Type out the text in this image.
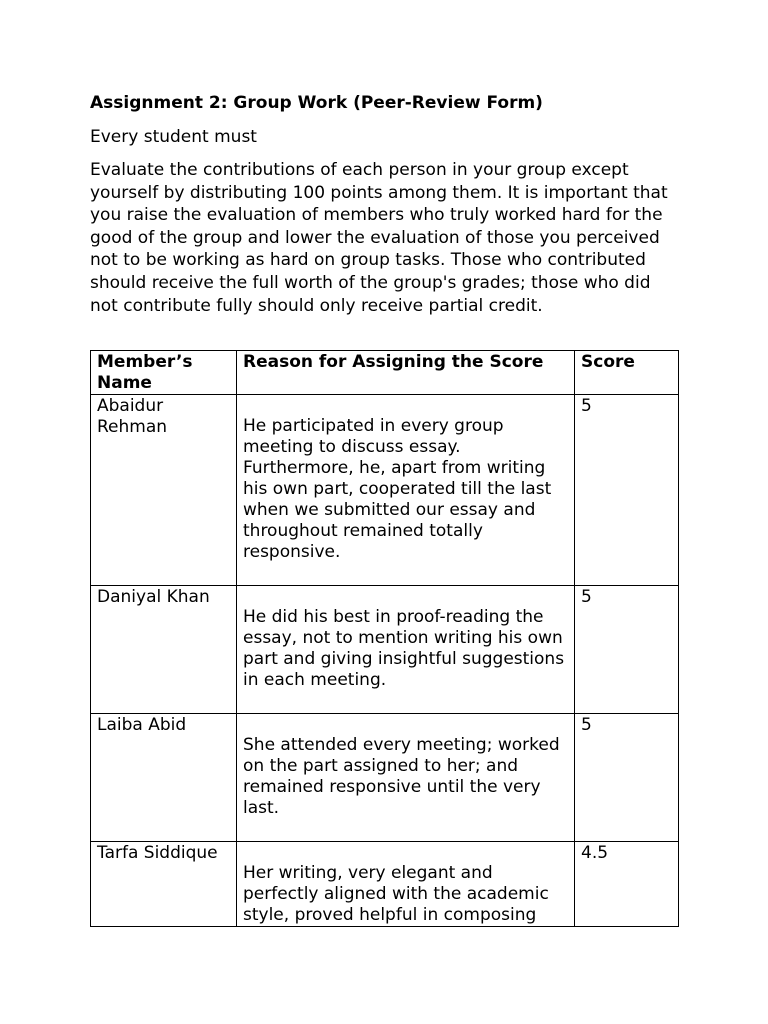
Assignment 2: Group Work (Peer-Review Form)

Every student must

Evaluate the contributions of each person in your group except yourself by distributing 100 points among them. It is important that you raise the evaluation of members who truly worked hard for the good of the group and lower the evaluation of those you perceived not to be working as hard on group tasks. Those who contributed should receive the full worth of the group's grades; those who did not contribute fully should only receive partial credit.

Member’s Name	Reason for Assigning the Score	Score
Abaidur Rehman	He participated in every group meeting to discuss essay. Furthermore, he, apart from writing his own part, cooperated till the last when we submitted our essay and throughout remained totally responsive.	5
Daniyal Khan	He did his best in proof-reading the essay, not to mention writing his own part and giving insightful suggestions in each meeting.	5
Laiba Abid	She attended every meeting; worked on the part assigned to her; and remained responsive until the very last.	5
Tarfa Siddique	Her writing, very elegant and perfectly aligned with the academic style, proved helpful in composing	4.5
